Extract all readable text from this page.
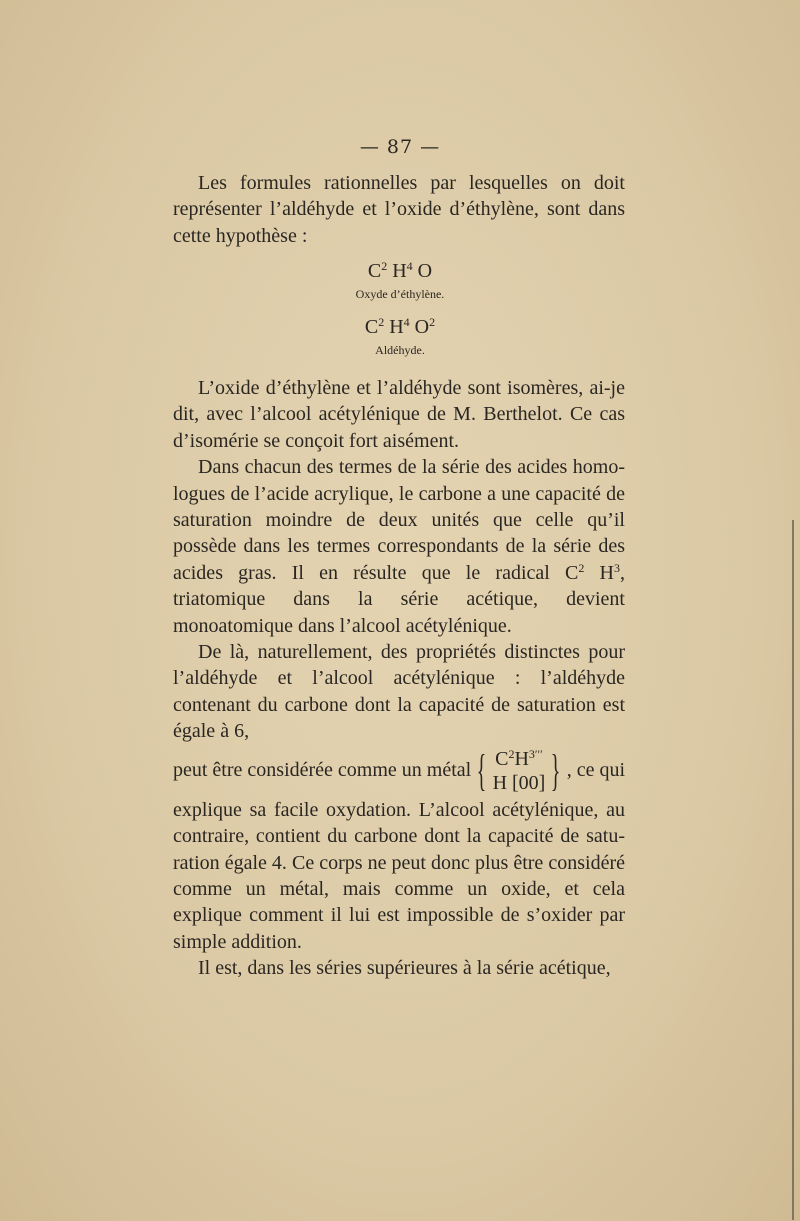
— 87 —

Les formules rationnelles par lesquelles on doit représenter l’aldéhyde et l’oxide d’éthylène, sont dans cette hypothèse :

$C^2$ $H^4$ O
Oxyde d’éthylène.
$C^2$ $H^4$ $O^2$
Aldéhyde.

L’oxide d’éthylène et l’aldéhyde sont isomères, ai-je dit, avec l’alcool acétylénique de M. Berthelot. Ce cas d’isomérie se conçoit fort aisément.

Dans chacun des termes de la série des acides homologues de l’acide acrylique, le carbone a une capacité de saturation moindre de deux unités que celle qu’il possède dans les termes correspondants de la série des acides gras. Il en résulte que le radical $C^2$ $H^3$, triatomique dans la série acétique, devient monoatomique dans l’alcool acétylénique.

De là, naturellement, des propriétés distinctes pour l’aldéhyde et l’alcool acétylénique : l’aldéhyde contenant du carbone dont la capacité de saturation est égale à 6,

peut être considérée comme un métal { $C^2H^{3'''}$
H [00] } , ce qui

explique sa facile oxydation. L’alcool acétylénique, au contraire, contient du carbone dont la capacité de saturation égale 4. Ce corps ne peut donc plus être considéré comme un métal, mais comme un oxide, et cela explique comment il lui est impossible de s’oxider par simple addition.

Il est, dans les séries supérieures à la série acétique,
